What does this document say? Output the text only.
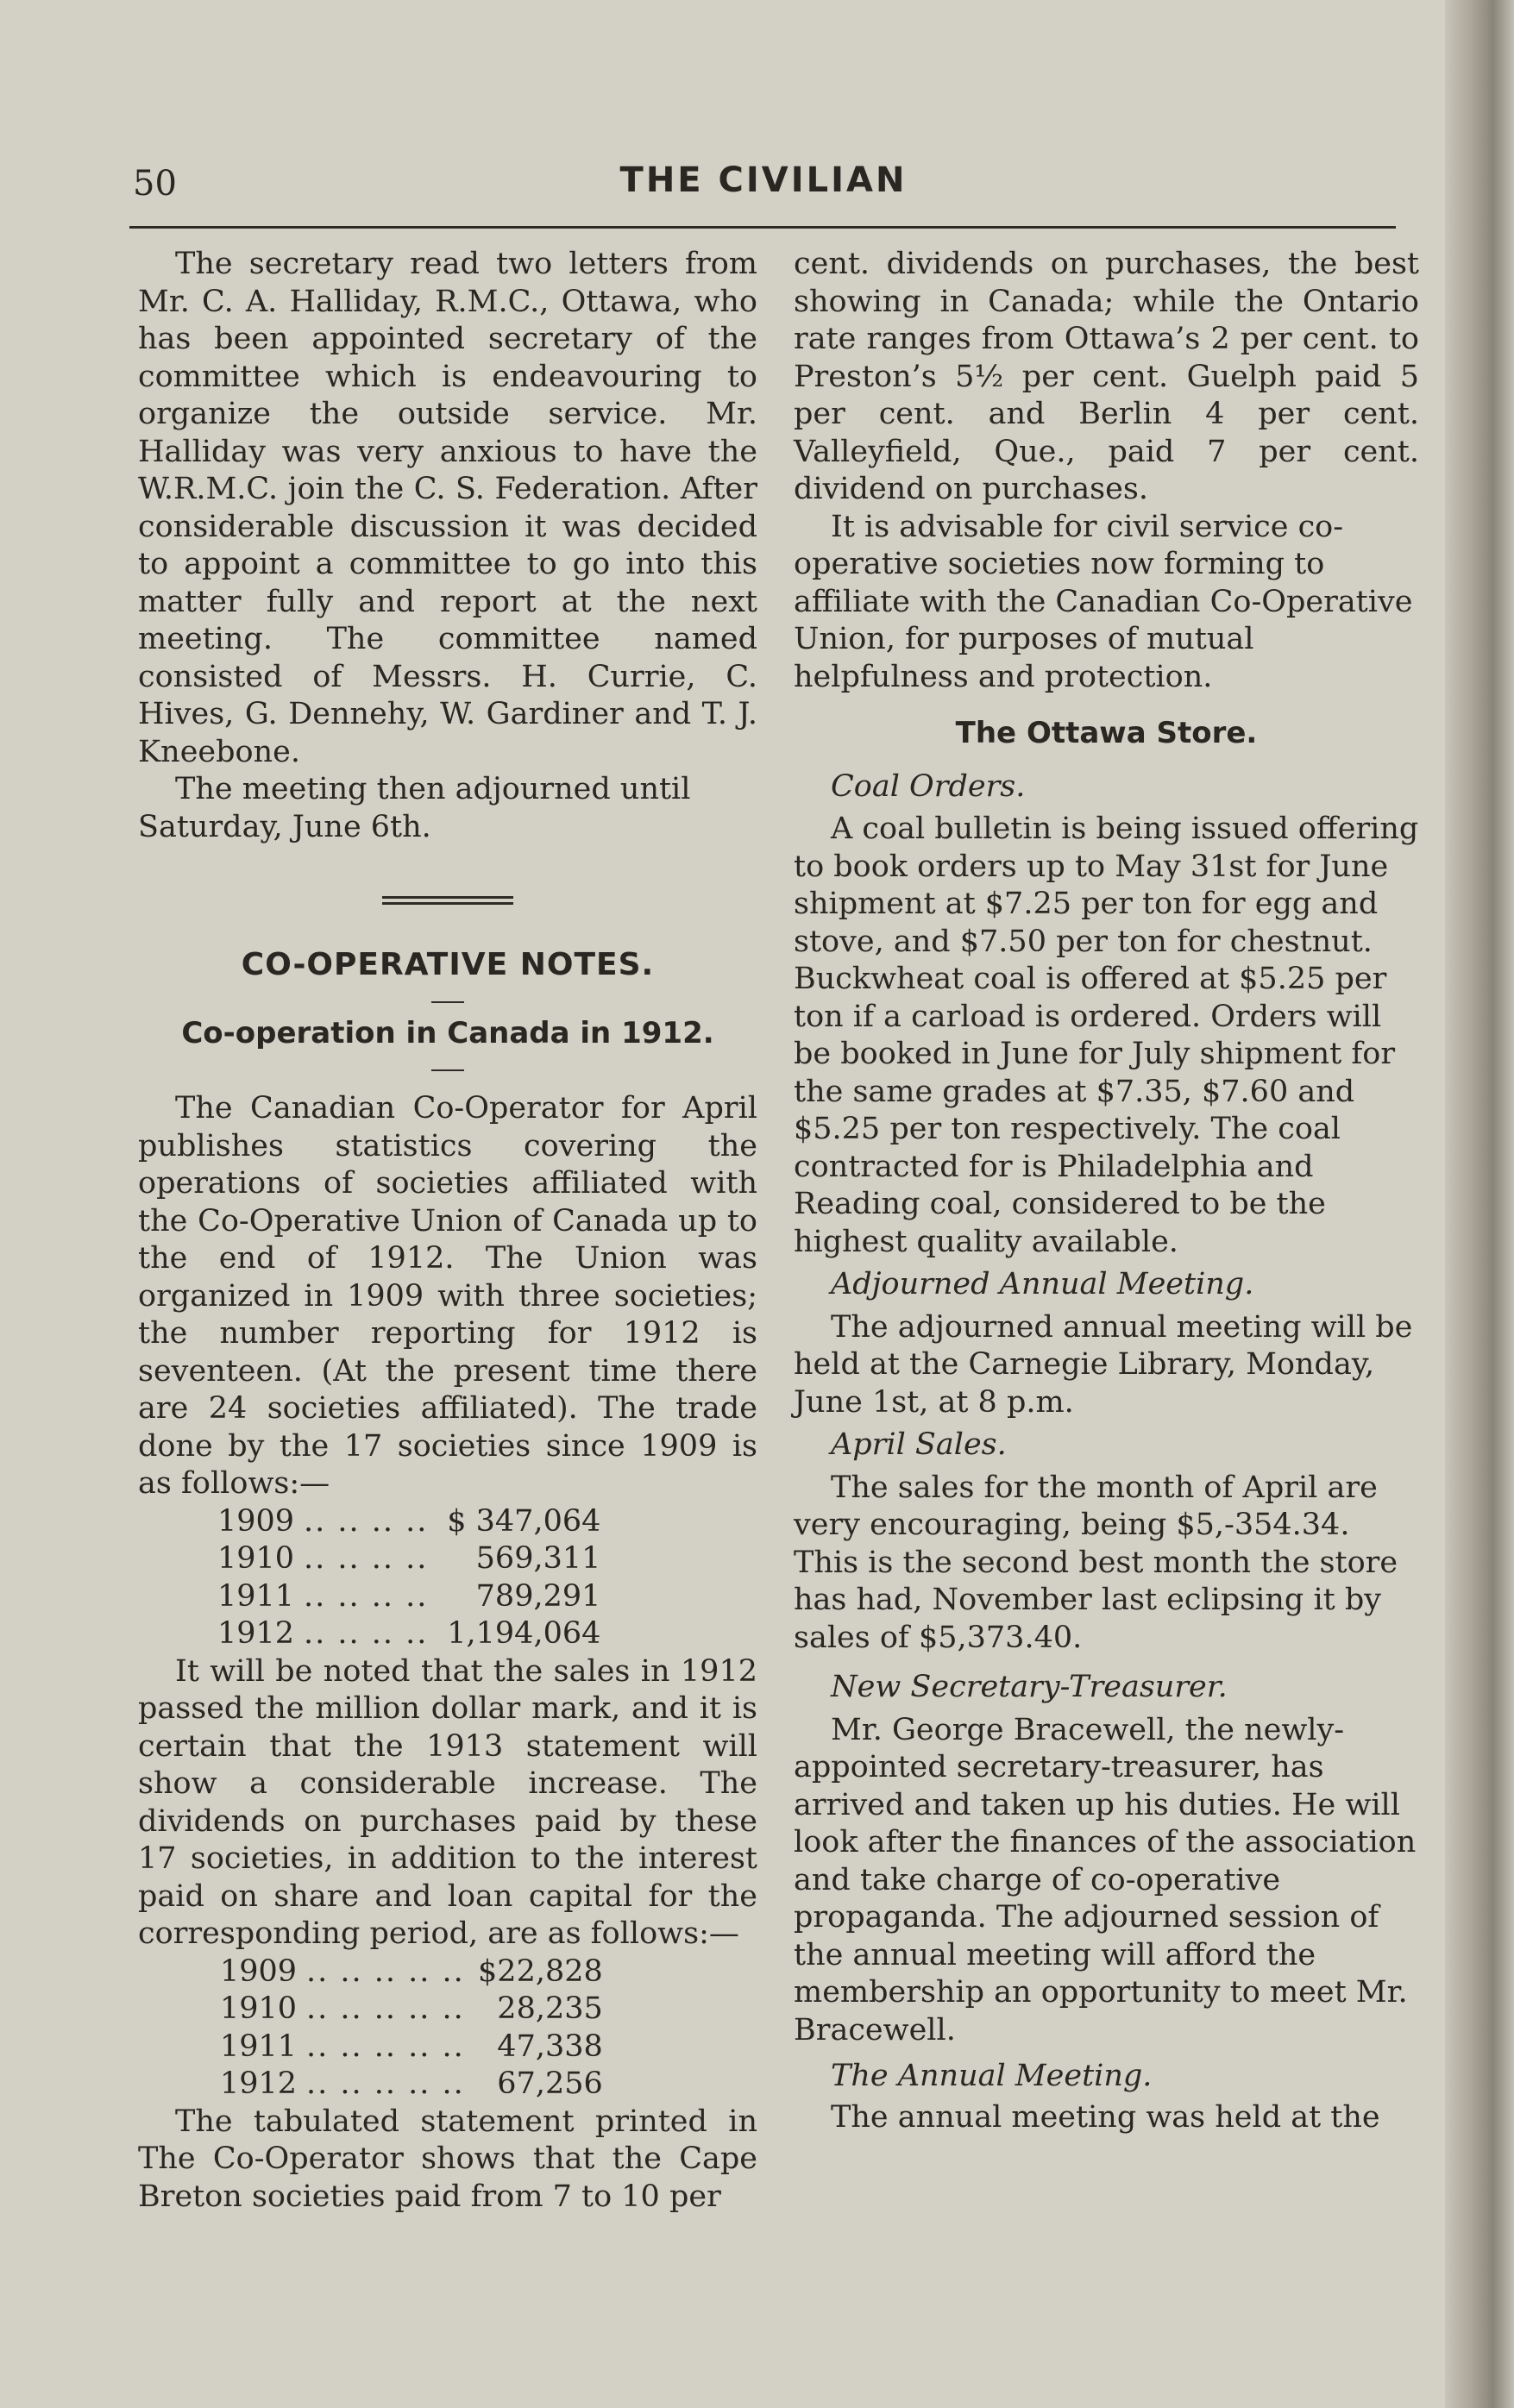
50	THE CIVILIAN

The secretary read two letters from Mr. C. A. Halliday, R.M.C., Ottawa, who has been appointed secretary of the committee which is endeavouring to organize the outside service. Mr. Halliday was very anxious to have the W.R.M.C. join the C. S. Federation. After considerable discussion it was decided to appoint a committee to go into this matter fully and report at the next meeting. The committee named consisted of Messrs. H. Currie, C. Hives, G. Dennehy, W. Gardiner and T. J. Kneebone.

The meeting then adjourned until Saturday, June 6th.

CO-OPERATIVE NOTES.
Co-operation in Canada in 1912.

The Canadian Co-Operator for April publishes statistics covering the operations of societies affiliated with the Co-Operative Union of Canada up to the end of 1912. The Union was organized in 1909 with three societies; the number reporting for 1912 is seventeen. (At the present time there are 24 societies affiliated). The trade done by the 17 societies since 1909 is as follows:—

1909	.. .. .. ..	$ 347,064
1910	.. .. .. ..	569,311
1911	.. .. .. ..	789,291
1912	.. .. .. ..	1,194,064

It will be noted that the sales in 1912 passed the million dollar mark, and it is certain that the 1913 statement will show a considerable increase. The dividends on purchases paid by these 17 societies, in addition to the interest paid on share and loan capital for the corresponding period, are as follows:—

1909	.. .. .. .. ..	$22,828
1910	.. .. .. .. ..	28,235
1911	.. .. .. .. ..	47,338
1912	.. .. .. .. ..	67,256

The tabulated statement printed in The Co-Operator shows that the Cape Breton societies paid from 7 to 10 per

cent. dividends on purchases, the best showing in Canada; while the Ontario rate ranges from Ottawa’s 2 per cent. to Preston’s 5½ per cent. Guelph paid 5 per cent. and Berlin 4 per cent. Valleyfield, Que., paid 7 per cent. dividend on purchases.

It is advisable for civil service co-operative societies now forming to affiliate with the Canadian Co-Operative Union, for purposes of mutual helpfulness and protection.

The Ottawa Store.

Coal Orders.

A coal bulletin is being issued offering to book orders up to May 31st for June shipment at $7.25 per ton for egg and stove, and $7.50 per ton for chestnut. Buckwheat coal is offered at $5.25 per ton if a carload is ordered. Orders will be booked in June for July shipment for the same grades at $7.35, $7.60 and $5.25 per ton respectively. The coal contracted for is Philadelphia and Reading coal, considered to be the highest quality available.

Adjourned Annual Meeting.

The adjourned annual meeting will be held at the Carnegie Library, Monday, June 1st, at 8 p.m.

April Sales.

The sales for the month of April are very encouraging, being $5,-354.34. This is the second best month the store has had, November last eclipsing it by sales of $5,373.40.

New Secretary-Treasurer.

Mr. George Bracewell, the newly-appointed secretary-treasurer, has arrived and taken up his duties. He will look after the finances of the association and take charge of co-operative propaganda. The adjourned session of the annual meeting will afford the membership an opportunity to meet Mr. Bracewell.

The Annual Meeting.

The annual meeting was held at the
